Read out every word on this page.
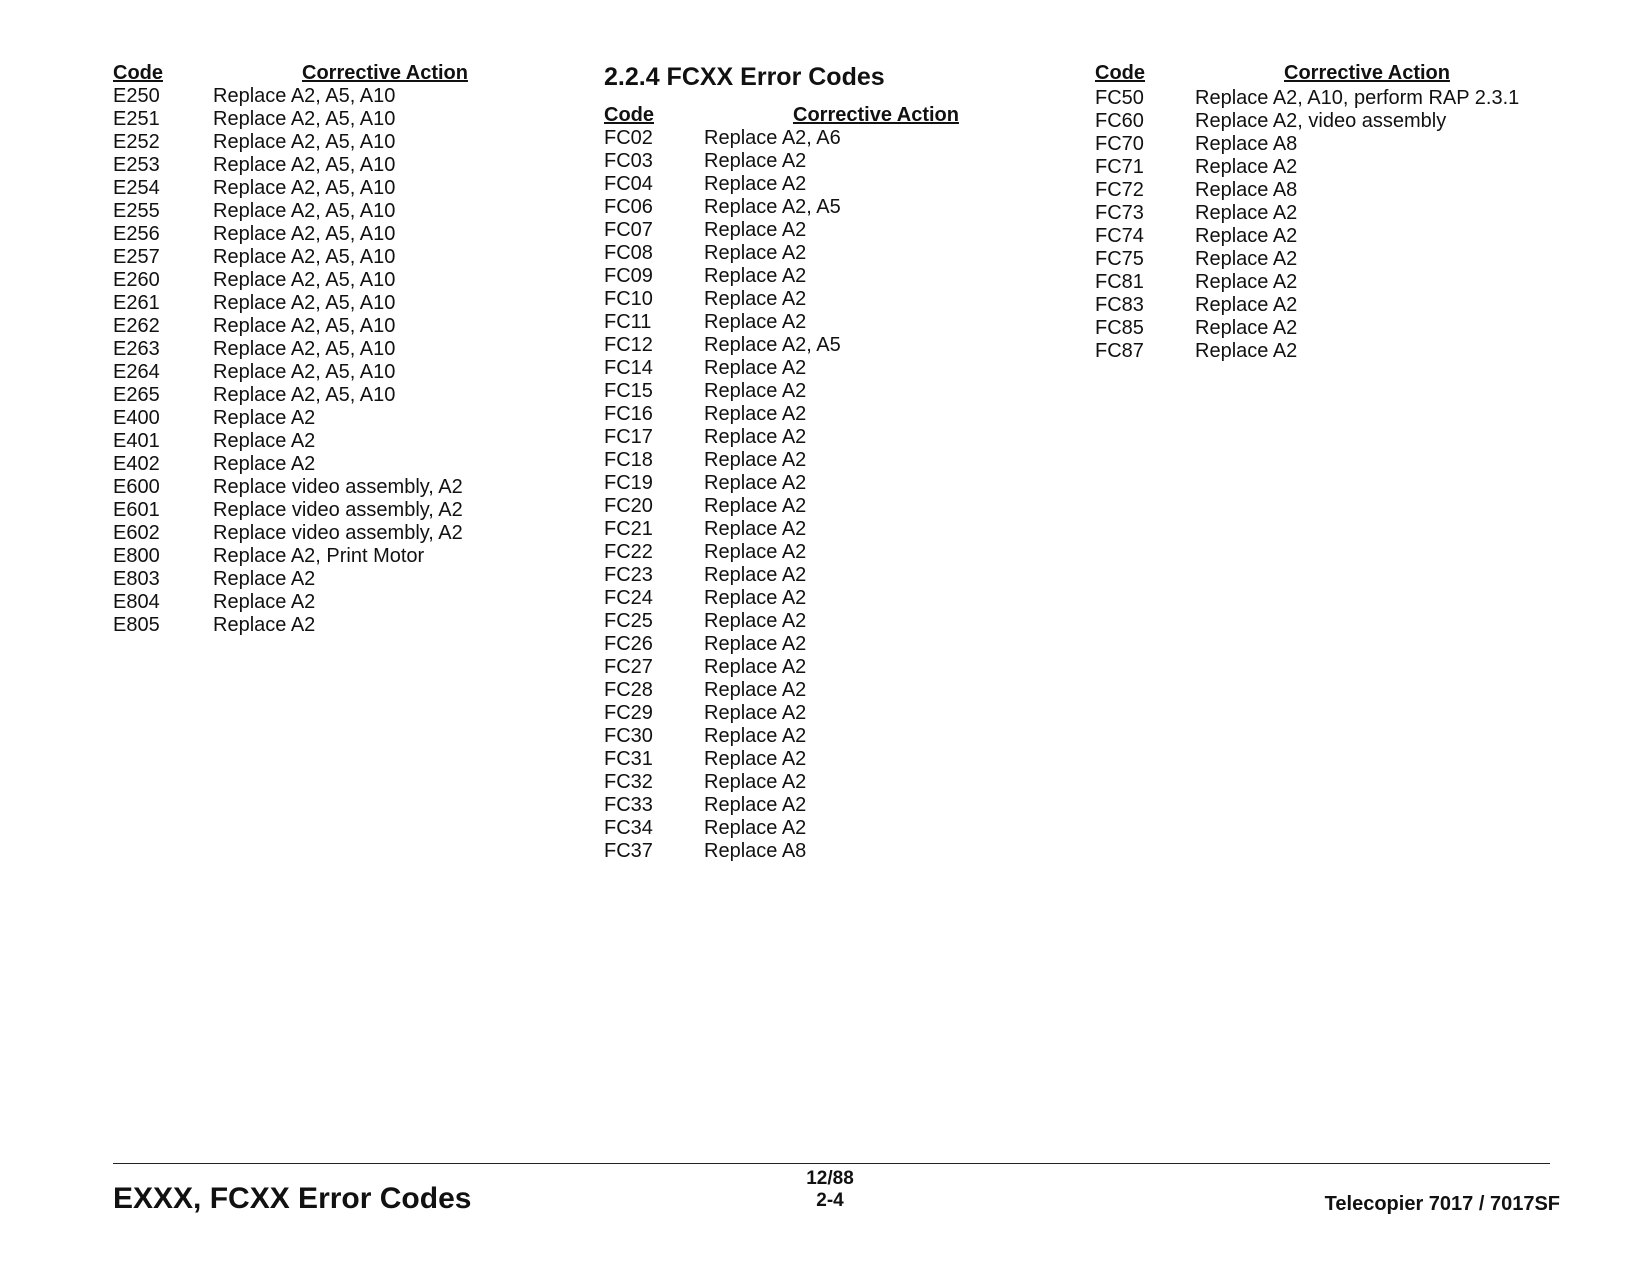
Code	Corrective Action
E250	Replace A2, A5, A10
E251	Replace A2, A5, A10
E252	Replace A2, A5, A10
E253	Replace A2, A5, A10
E254	Replace A2, A5, A10
E255	Replace A2, A5, A10
E256	Replace A2, A5, A10
E257	Replace A2, A5, A10
E260	Replace A2, A5, A10
E261	Replace A2, A5, A10
E262	Replace A2, A5, A10
E263	Replace A2, A5, A10
E264	Replace A2, A5, A10
E265	Replace A2, A5, A10
E400	Replace A2
E401	Replace A2
E402	Replace A2
E600	Replace video assembly, A2
E601	Replace video assembly, A2
E602	Replace video assembly, A2
E800	Replace A2, Print Motor
E803	Replace A2
E804	Replace A2
E805	Replace A2
2.2.4 FCXX Error Codes
Code	Corrective Action
FC02	Replace A2, A6
FC03	Replace A2
FC04	Replace A2
FC06	Replace A2, A5
FC07	Replace A2
FC08	Replace A2
FC09	Replace A2
FC10	Replace A2
FC11	Replace A2
FC12	Replace A2, A5
FC14	Replace A2
FC15	Replace A2
FC16	Replace A2
FC17	Replace A2
FC18	Replace A2
FC19	Replace A2
FC20	Replace A2
FC21	Replace A2
FC22	Replace A2
FC23	Replace A2
FC24	Replace A2
FC25	Replace A2
FC26	Replace A2
FC27	Replace A2
FC28	Replace A2
FC29	Replace A2
FC30	Replace A2
FC31	Replace A2
FC32	Replace A2
FC33	Replace A2
FC34	Replace A2
FC37	Replace A8
Code	Corrective Action
FC50	Replace A2, A10, perform RAP 2.3.1
FC60	Replace A2, video assembly
FC70	Replace A8
FC71	Replace A2
FC72	Replace A8
FC73	Replace A2
FC74	Replace A2
FC75	Replace A2
FC81	Replace A2
FC83	Replace A2
FC85	Replace A2
FC87	Replace A2
EXXX, FCXX Error Codes
12/88
2-4	Telecopier 7017 / 7017SF
